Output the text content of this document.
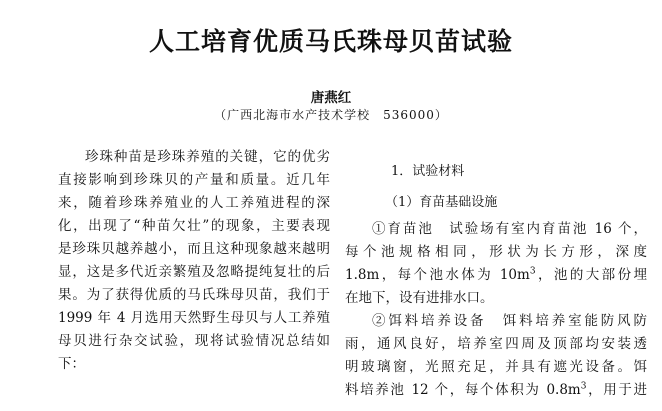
人工培育优质马氏珠母贝苗试验
唐燕红
（广西北海市水产技术学校　536000）
珍珠种苗是珍珠养殖的关键，它的优劣
直接影响到珍珠贝的产量和质量。近几年
来，随着珍珠养殖业的人工养殖进程的深
化，出现了“种苗欠壮”的现象，主要表现
是珍珠贝越养越小，而且这种现象越来越明
显，这是多代近亲繁殖及忽略提纯复壮的后
果。为了获得优质的马氏珠母贝苗，我们于
1999 年 4 月选用天然野生母贝与人工养殖
母贝进行杂交试验，现将试验情况总结如
下：
1．试验材料
（1）育苗基础设施
①育苗池　试验场有室内育苗池 16 个，
每个池规格相同，形状为长方形，深度
1.8m，每个池水体为 $10m^3$，池的大部份埋
在地下，设有进排水口。
②饵料培养设备　饵料培养室能防风防
雨，通风良好，培养室四周及顶部均安装透
明玻璃窗，光照充足，并具有遮光设备。饵
料培养池 12 个，每个体积为 $0.8m^3$，用于进
